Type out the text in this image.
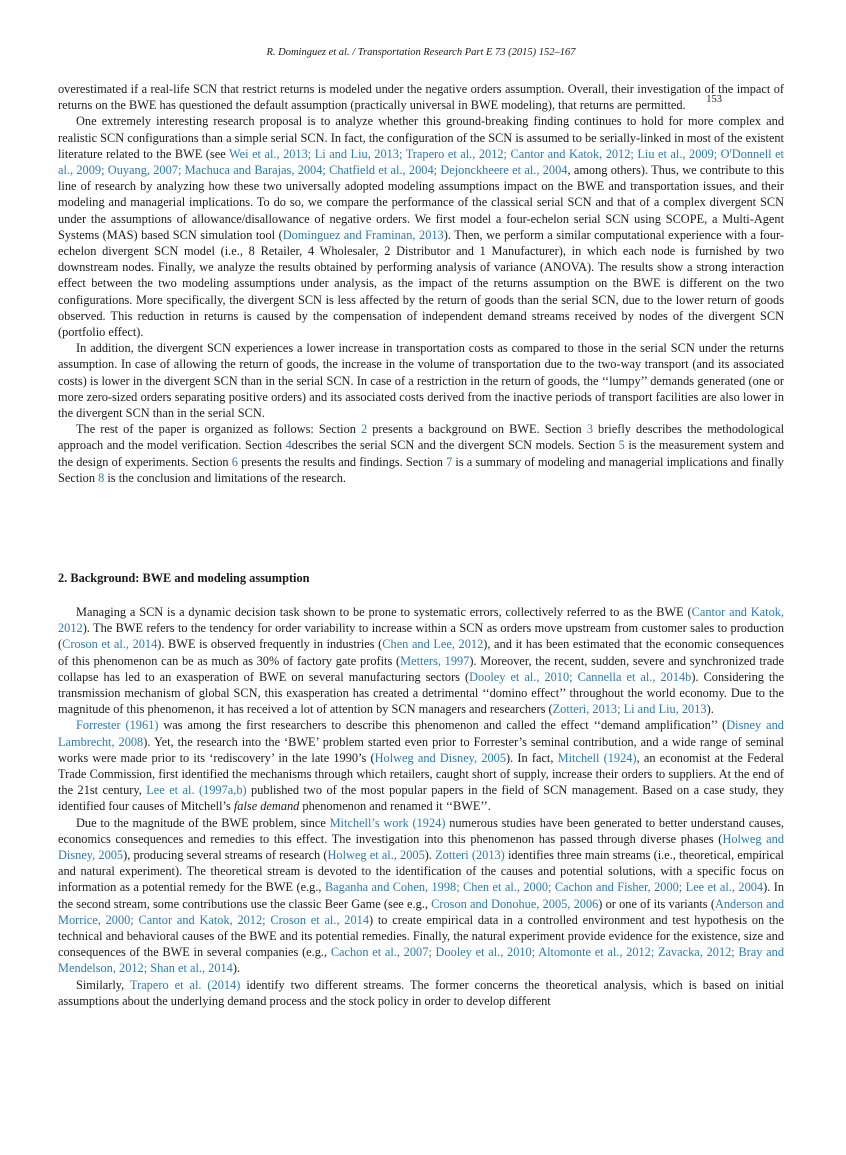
R. Dominguez et al. / Transportation Research Part E 73 (2015) 152–167
153

overestimated if a real-life SCN that restrict returns is modeled under the negative orders assumption. Overall, their investigation of the impact of returns on the BWE has questioned the default assumption (practically universal in BWE modeling), that returns are permitted.

One extremely interesting research proposal is to analyze whether this ground-breaking finding continues to hold for more complex and realistic SCN configurations than a simple serial SCN. In fact, the configuration of the SCN is assumed to be serially-linked in most of the existent literature related to the BWE (see Wei et al., 2013; Li and Liu, 2013; Trapero et al., 2012; Cantor and Katok, 2012; Liu et al., 2009; O'Donnell et al., 2009; Ouyang, 2007; Machuca and Barajas, 2004; Chatfield et al., 2004; Dejonckheere et al., 2004, among others). Thus, we contribute to this line of research by analyzing how these two universally adopted modeling assumptions impact on the BWE and transportation issues, and their modeling and managerial implications. To do so, we compare the performance of the classical serial SCN and that of a complex divergent SCN under the assumptions of allowance/disallowance of negative orders. We first model a four-echelon serial SCN using SCOPE, a Multi-Agent Systems (MAS) based SCN simulation tool (Dominguez and Framinan, 2013). Then, we perform a similar computational experience with a four-echelon divergent SCN model (i.e., 8 Retailer, 4 Wholesaler, 2 Distributor and 1 Manufacturer), in which each node is furnished by two downstream nodes. Finally, we analyze the results obtained by performing analysis of variance (ANOVA). The results show a strong interaction effect between the two modeling assumptions under analysis, as the impact of the returns assumption on the BWE is different on the two configurations. More specifically, the divergent SCN is less affected by the return of goods than the serial SCN, due to the lower return of goods observed. This reduction in returns is caused by the compensation of independent demand streams received by nodes of the divergent SCN (portfolio effect).

In addition, the divergent SCN experiences a lower increase in transportation costs as compared to those in the serial SCN under the returns assumption. In case of allowing the return of goods, the increase in the volume of transportation due to the two-way transport (and its associated costs) is lower in the divergent SCN than in the serial SCN. In case of a restriction in the return of goods, the ‘‘lumpy’’ demands generated (one or more zero-sized orders separating positive orders) and its associated costs derived from the inactive periods of transport facilities are also lower in the divergent SCN than in the serial SCN.

The rest of the paper is organized as follows: Section 2 presents a background on BWE. Section 3 briefly describes the methodological approach and the model verification. Section 4describes the serial SCN and the divergent SCN models. Section 5 is the measurement system and the design of experiments. Section 6 presents the results and findings. Section 7 is a summary of modeling and managerial implications and finally Section 8 is the conclusion and limitations of the research.

2. Background: BWE and modeling assumption

Managing a SCN is a dynamic decision task shown to be prone to systematic errors, collectively referred to as the BWE (Cantor and Katok, 2012). The BWE refers to the tendency for order variability to increase within a SCN as orders move upstream from customer sales to production (Croson et al., 2014). BWE is observed frequently in industries (Chen and Lee, 2012), and it has been estimated that the economic consequences of this phenomenon can be as much as 30% of factory gate profits (Metters, 1997). Moreover, the recent, sudden, severe and synchronized trade collapse has led to an exasperation of BWE on several manufacturing sectors (Dooley et al., 2010; Cannella et al., 2014b). Considering the transmission mechanism of global SCN, this exasperation has created a detrimental ‘‘domino effect’’ throughout the world economy. Due to the magnitude of this phenomenon, it has received a lot of attention by SCN managers and researchers (Zotteri, 2013; Li and Liu, 2013).

Forrester (1961) was among the first researchers to describe this phenomenon and called the effect ‘‘demand amplification’’ (Disney and Lambrecht, 2008). Yet, the research into the ‘BWE’ problem started even prior to Forrester’s seminal contribution, and a wide range of seminal works were made prior to its ‘rediscovery’ in the late 1990’s (Holweg and Disney, 2005). In fact, Mitchell (1924), an economist at the Federal Trade Commission, first identified the mechanisms through which retailers, caught short of supply, increase their orders to suppliers. At the end of the 21st century, Lee et al. (1997a,b) published two of the most popular papers in the field of SCN management. Based on a case study, they identified four causes of Mitchell’s false demand phenomenon and renamed it ‘‘BWE’’.

Due to the magnitude of the BWE problem, since Mitchell’s work (1924) numerous studies have been generated to better understand causes, economics consequences and remedies to this effect. The investigation into this phenomenon has passed through diverse phases (Holweg and Disney, 2005), producing several streams of research (Holweg et al., 2005). Zotteri (2013) identifies three main streams (i.e., theoretical, empirical and natural experiment). The theoretical stream is devoted to the identification of the causes and potential solutions, with a specific focus on information as a potential remedy for the BWE (e.g., Baganha and Cohen, 1998; Chen et al., 2000; Cachon and Fisher, 2000; Lee et al., 2004). In the second stream, some contributions use the classic Beer Game (see e.g., Croson and Donohue, 2005, 2006) or one of its variants (Anderson and Morrice, 2000; Cantor and Katok, 2012; Croson et al., 2014) to create empirical data in a controlled environment and test hypothesis on the technical and behavioral causes of the BWE and its potential remedies. Finally, the natural experiment provide evidence for the existence, size and consequences of the BWE in several companies (e.g., Cachon et al., 2007; Dooley et al., 2010; Altomonte et al., 2012; Zavacka, 2012; Bray and Mendelson, 2012; Shan et al., 2014).

Similarly, Trapero et al. (2014) identify two different streams. The former concerns the theoretical analysis, which is based on initial assumptions about the underlying demand process and the stock policy in order to develop different
